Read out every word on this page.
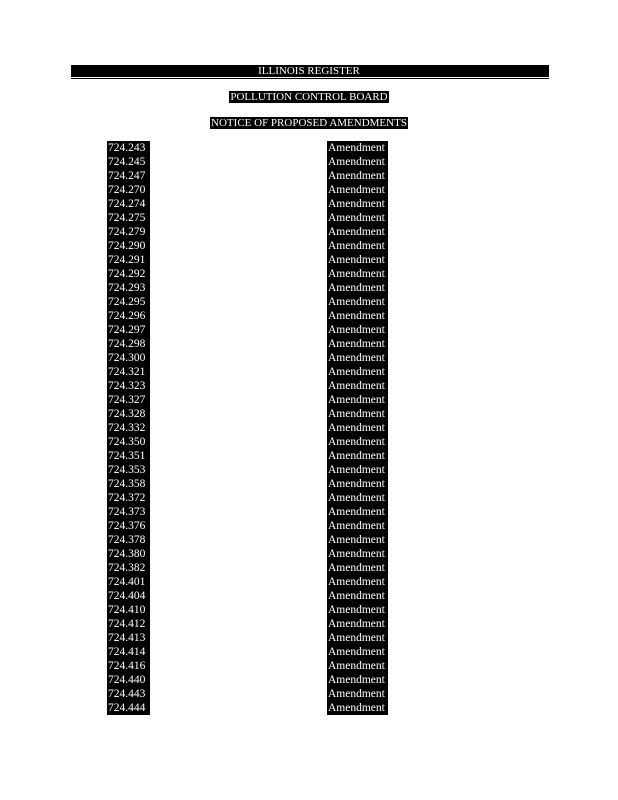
ILLINOIS REGISTER
POLLUTION CONTROL BOARD
NOTICE OF PROPOSED AMENDMENTS
724.243
724.245
724.247
724.270
724.274
724.275
724.279
724.290
724.291
724.292
724.293
724.295
724.296
724.297
724.298
724.300
724.321
724.323
724.327
724.328
724.332
724.350
724.351
724.353
724.358
724.372
724.373
724.376
724.378
724.380
724.382
724.401
724.404
724.410
724.412
724.413
724.414
724.416
724.440
724.443
724.444
Amendment
Amendment
Amendment
Amendment
Amendment
Amendment
Amendment
Amendment
Amendment
Amendment
Amendment
Amendment
Amendment
Amendment
Amendment
Amendment
Amendment
Amendment
Amendment
Amendment
Amendment
Amendment
Amendment
Amendment
Amendment
Amendment
Amendment
Amendment
Amendment
Amendment
Amendment
Amendment
Amendment
Amendment
Amendment
Amendment
Amendment
Amendment
Amendment
Amendment
Amendment
